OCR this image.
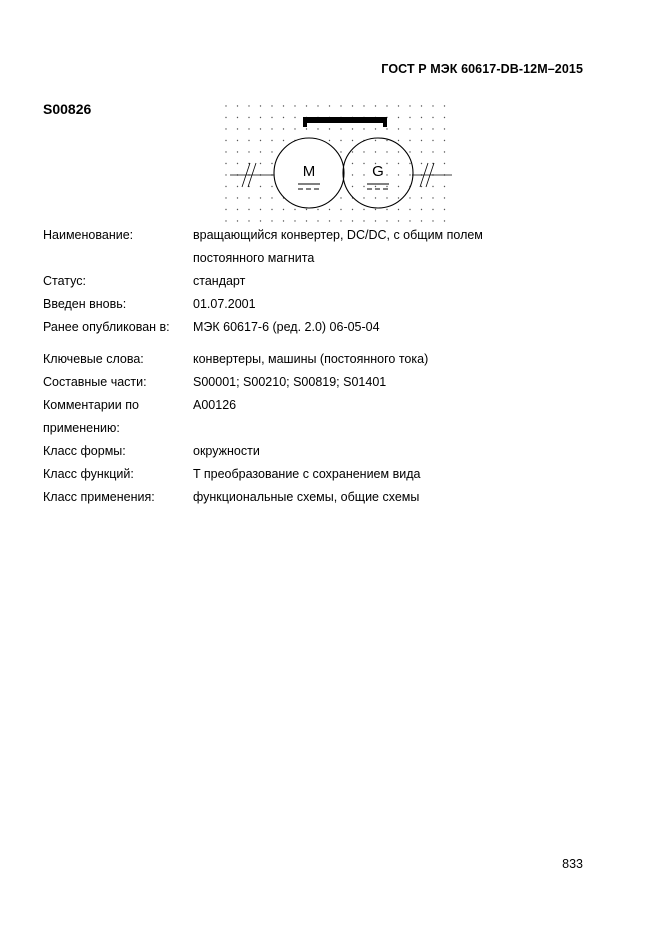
ГОСТ Р МЭК 60617-DB-12M–2015
S00826
M	G
Наименование:	вращающийся конвертер, DC/DC, с общим полем
постоянного магнита
Статус:	стандарт
Введен вновь:	01.07.2001
Ранее опубликован в:	МЭК 60617-6 (ред. 2.0) 06-05-04
Ключевые слова:	конвертеры, машины (постоянного тока)
Составные части:	S00001; S00210; S00819; S01401
Комментарии по
применению:
A00126
Класс формы:	окружности
Класс функций:	T преобразование с сохранением вида
Класс применения:	функциональные схемы, общие схемы
833
